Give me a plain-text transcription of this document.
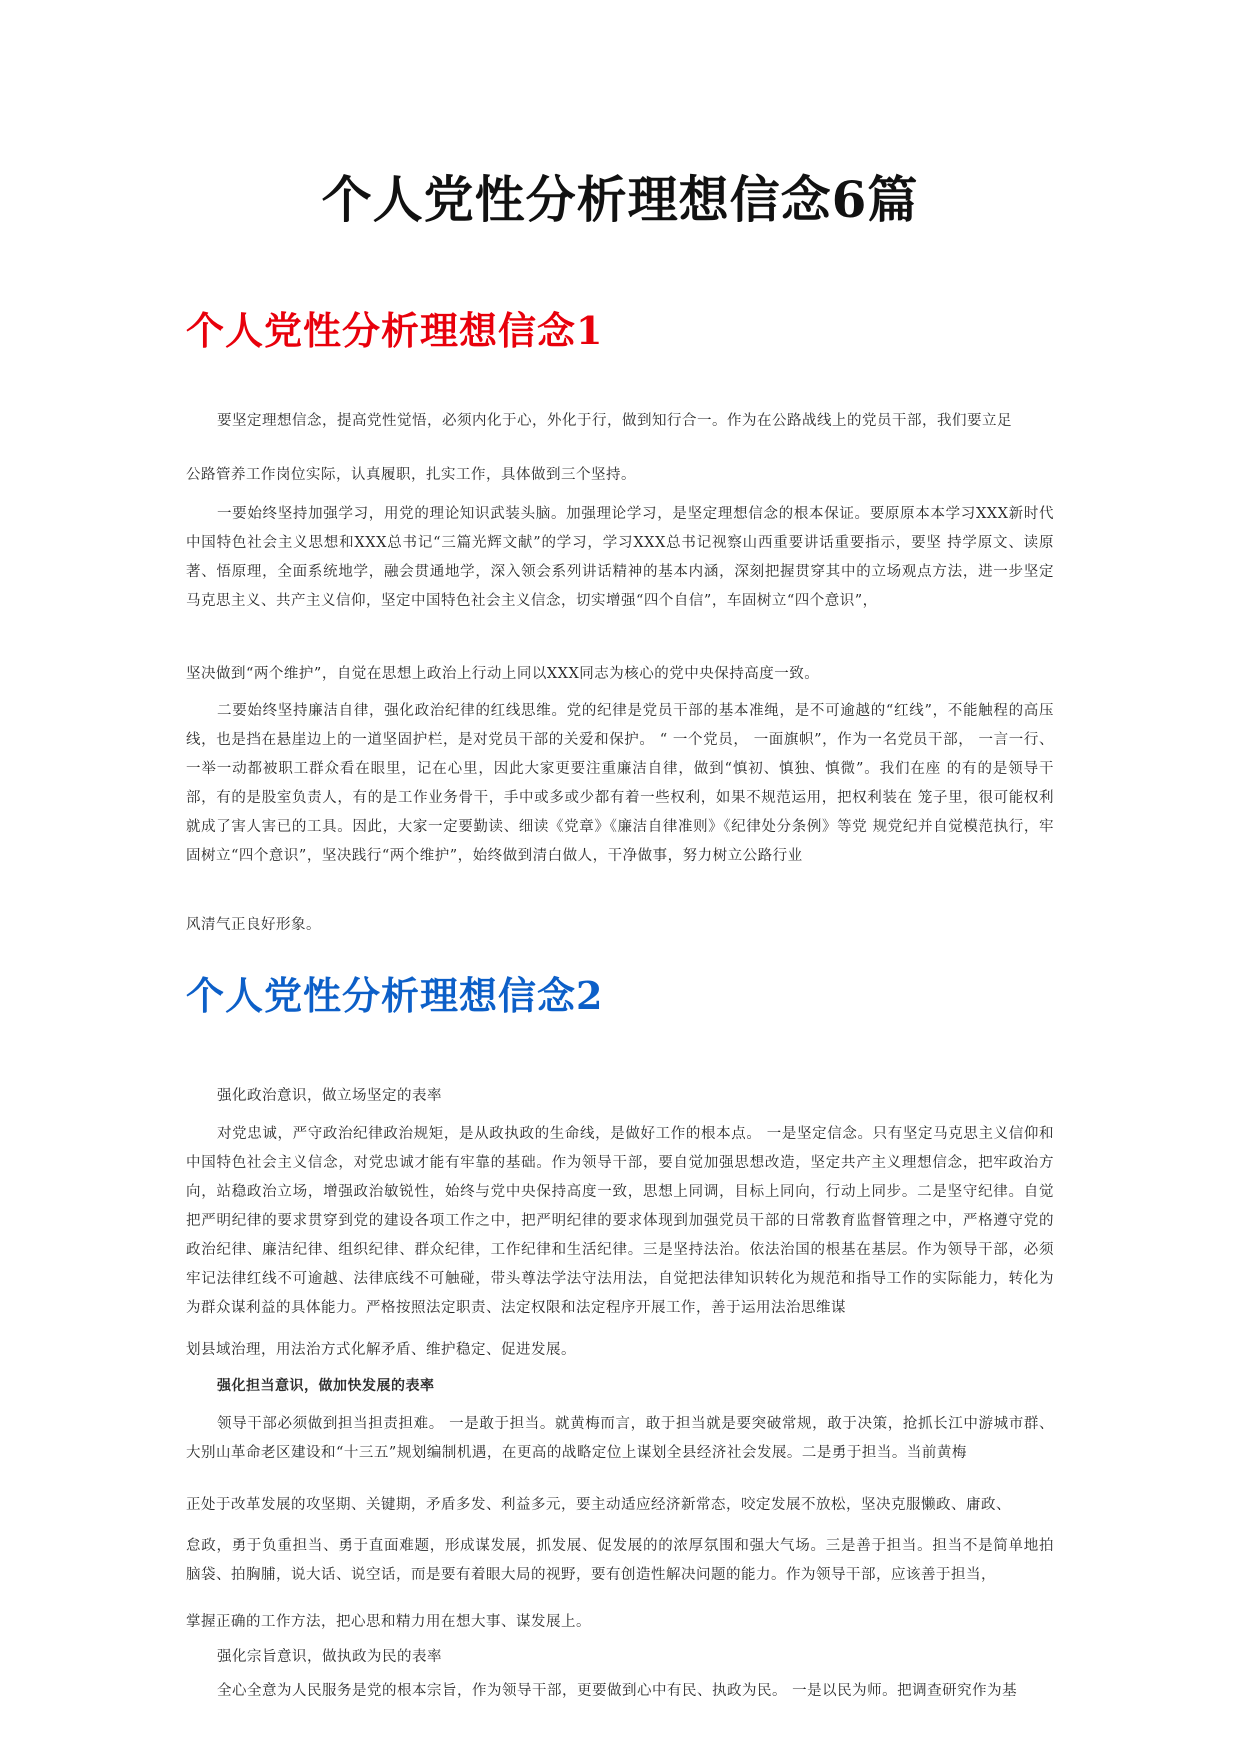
个人党性分析理想信念6篇
个人党性分析理想信念1

要坚定理想信念，提高党性觉悟，必须内化于心，外化于行，做到知行合一。作为在公路战线上的党员干部，我们要立足

公路管养工作岗位实际，认真履职，扎实工作，具体做到三个坚持。

一要始终坚持加强学习，用党的理论知识武装头脑。加强理论学习，是坚定理想信念的根本保证。要原原本本学习XXX新时代中国特色社会主义思想和XXX总书记“三篇光辉文献”的学习，学习XXX总书记视察山西重要讲话重要指示，要坚 持学原文、读原著、悟原理，全面系统地学，融会贯通地学，深入领会系列讲话精神的基本内涵，深刻把握贯穿其中的立场观点方法，进一步坚定马克思主义、共产主义信仰，坚定中国特色社会主义信念，切实增强“四个自信”，车固树立“四个意识”，

坚决做到“两个维护”，自觉在思想上政治上行动上同以XXX同志为核心的党中央保持高度一致。

二要始终坚持廉洁自律，强化政治纪律的红线思维。党的纪律是党员干部的基本准绳，是不可逾越的“红线”，不能触程的高压线，也是挡在悬崖边上的一道坚固护栏，是对党员干部的关爱和保护。 “ 一个党员， 一面旗帜”，作为一名党员干部， 一言一行、 一举一动都被职工群众看在眼里，记在心里，因此大家更要注重廉洁自律，做到“慎初、慎独、慎微”。我们在座 的有的是领导干部，有的是股室负责人，有的是工作业务骨干，手中或多或少都有着一些权利，如果不规范运用，把权利装在 笼子里，很可能权利就成了害人害已的工具。因此，大家一定要勤读、细读《党章》《廉洁自律准则》《纪律处分条例》等党 规党纪并自觉模范执行，牢固树立“四个意识”，坚决践行“两个维护”，始终做到清白做人，干净做事，努力树立公路行业

风清气正良好形象。

个人党性分析理想信念2

强化政治意识，做立场坚定的表率

对党忠诚，严守政治纪律政治规矩，是从政执政的生命线，是做好工作的根本点。 一是坚定信念。只有坚定马克思主义信仰和中国特色社会主义信念，对党忠诚才能有牢靠的基础。作为领导干部，要自觉加强思想改造，坚定共产主义理想信念，把牢政治方向，站稳政治立场，增强政治敏锐性，始终与党中央保持高度一致，思想上同调，目标上同向，行动上同步。二是坚守纪律。自觉把严明纪律的要求贯穿到党的建设各项工作之中，把严明纪律的要求体现到加强党员干部的日常教育监督管理之中，严格遵守党的政治纪律、廉洁纪律、组织纪律、群众纪律，工作纪律和生活纪律。三是坚持法治。依法治国的根基在基层。作为领导干部，必须牢记法律红线不可逾越、法律底线不可触碰，带头尊法学法守法用法，自觉把法律知识转化为规范和指导工作的实际能力，转化为为群众谋利益的具体能力。严格按照法定职责、法定权限和法定程序开展工作，善于运用法治思维谋

划县域治理，用法治方式化解矛盾、维护稳定、促进发展。

强化担当意识，做加快发展的表率

领导干部必须做到担当担责担难。 一是敢于担当。就黄梅而言，敢于担当就是要突破常规，敢于决策，抢抓长江中游城市群、大别山革命老区建设和“十三五”规划编制机遇，在更高的战略定位上谋划全县经济社会发展。二是勇于担当。当前黄梅

正处于改革发展的攻坚期、关键期，矛盾多发、利益多元，要主动适应经济新常态，咬定发展不放松，坚决克服懒政、庸政、

怠政，勇于负重担当、勇于直面难题，形成谋发展，抓发展、促发展的的浓厚氛围和强大气场。三是善于担当。担当不是简单地拍脑袋、拍胸脯，说大话、说空话，而是要有着眼大局的视野，要有创造性解决问题的能力。作为领导干部，应该善于担当，

掌握正确的工作方法，把心思和精力用在想大事、谋发展上。

强化宗旨意识，做执政为民的表率

全心全意为人民服务是党的根本宗旨，作为领导干部，更要做到心中有民、执政为民。 一是以民为师。把调查研究作为基
